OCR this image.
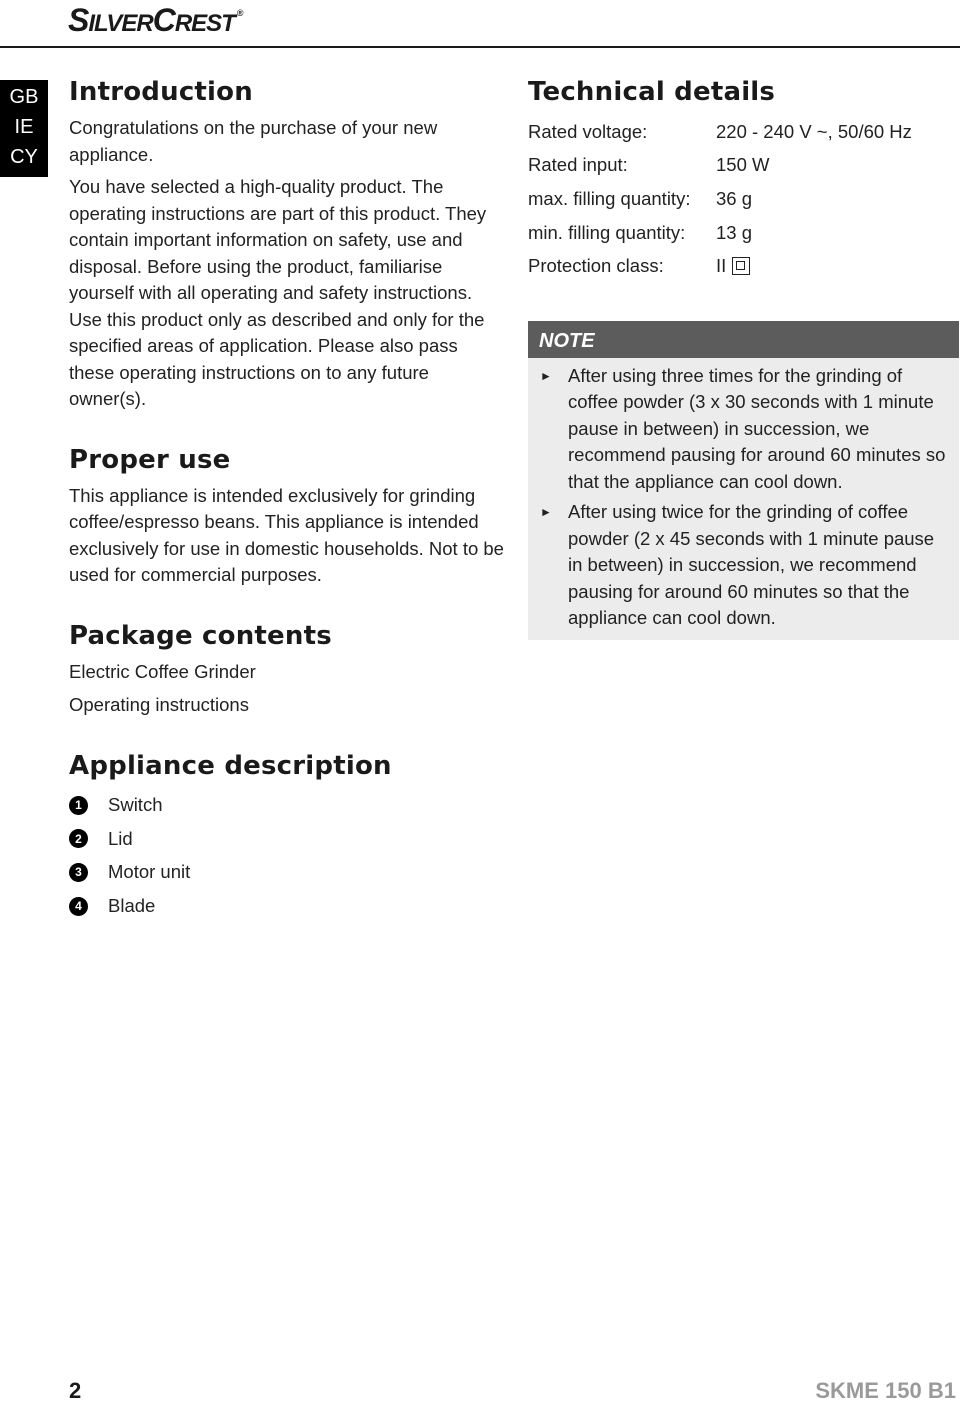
SILVERCREST ®
GB
IE
CY
Introduction

Congratulations on the purchase of your new appliance.

You have selected a high-quality product. The operating instructions are part of this product. They contain important information on safety, use and disposal. Before using the product, familiarise yourself with all operating and safety instructions. Use this product only as described and only for the specified areas of application. Please also pass these operating instructions on to any future owner(s).

Proper use

This appliance is intended exclusively for grinding coffee/espresso beans. This appliance is intended exclusively for use in domestic households. Not to be used for commercial purposes.

Package contents

Electric Coffee Grinder

Operating instructions

Appliance description
1	Switch
2	Lid
3	Motor unit
4	Blade
Technical details
Rated voltage:	220 - 240 V ~, 50/60 Hz
Rated input:	150 W
max. filling quantity:	36 g
min. filling quantity:	13 g
Protection class:	II
NOTE
► After using three times for the grinding of coffee powder (3 x 30 seconds with 1 minute pause in between) in succession, we recommend pausing for around 60 minutes so that the appliance can cool down.
► After using twice for the grinding of coffee powder (2 x 45 seconds with 1 minute pause in between) in succession, we recommend pausing for around 60 minutes so that the appliance can cool down.
2	SKME 150 B1
